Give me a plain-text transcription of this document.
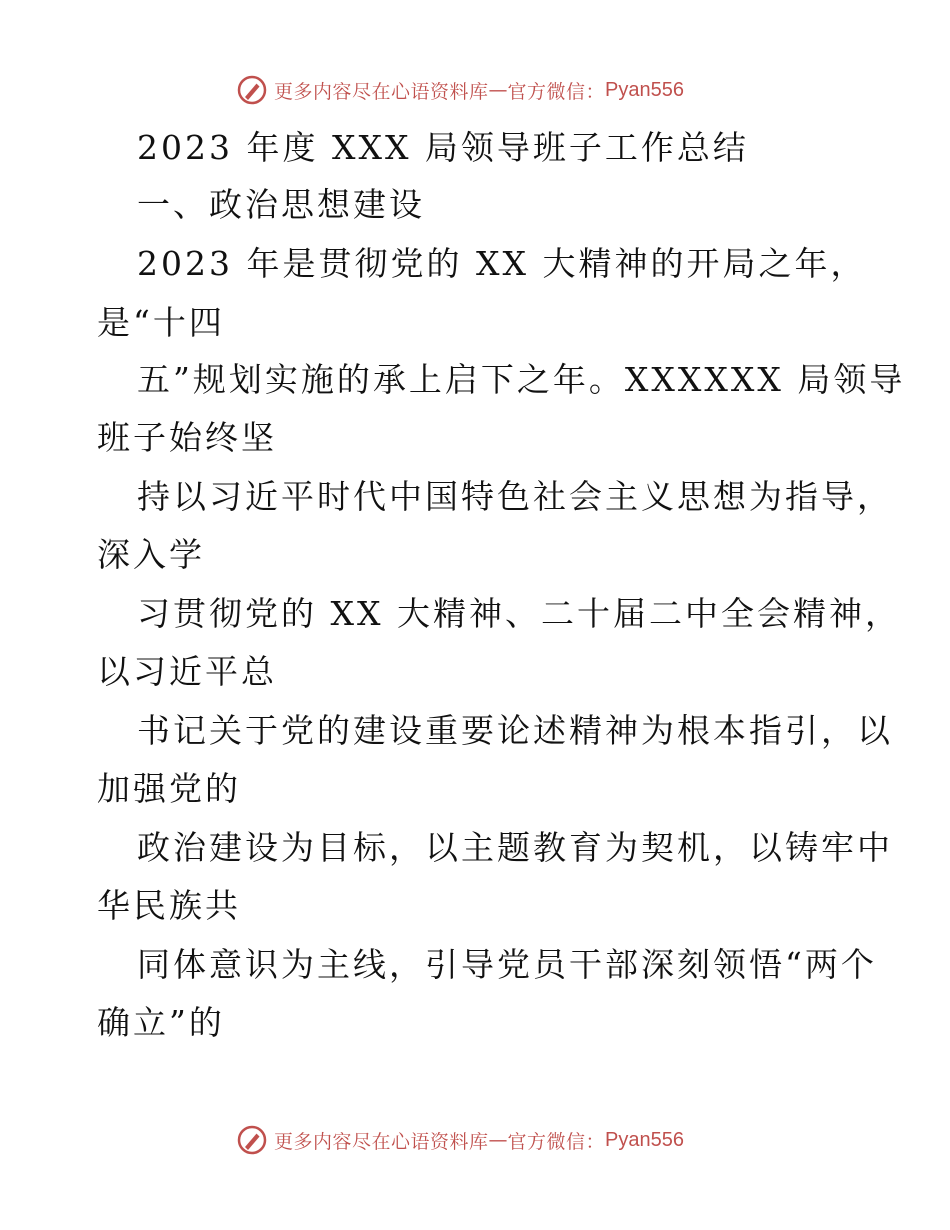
更多内容尽在心语资料库 — 官方微信： Pyan556
2023 年度 XXX 局领导班子工作总结
一、政治思想建设
2023 年是贯彻党的 XX 大精神的开局之年，
是“十四
五”规划实施的承上启下之年。XXXXXX 局领导
班子始终坚
持以习近平时代中国特色社会主义思想为指导，
深入学
习贯彻党的 XX 大精神、二十届二中全会精神，
以习近平总
书记关于党的建设重要论述精神为根本指引，以
加强党的
政治建设为目标，以主题教育为契机，以铸牢中
华民族共
同体意识为主线，引导党员干部深刻领悟“两个
确立”的
更多内容尽在心语资料库 — 官方微信： Pyan556
